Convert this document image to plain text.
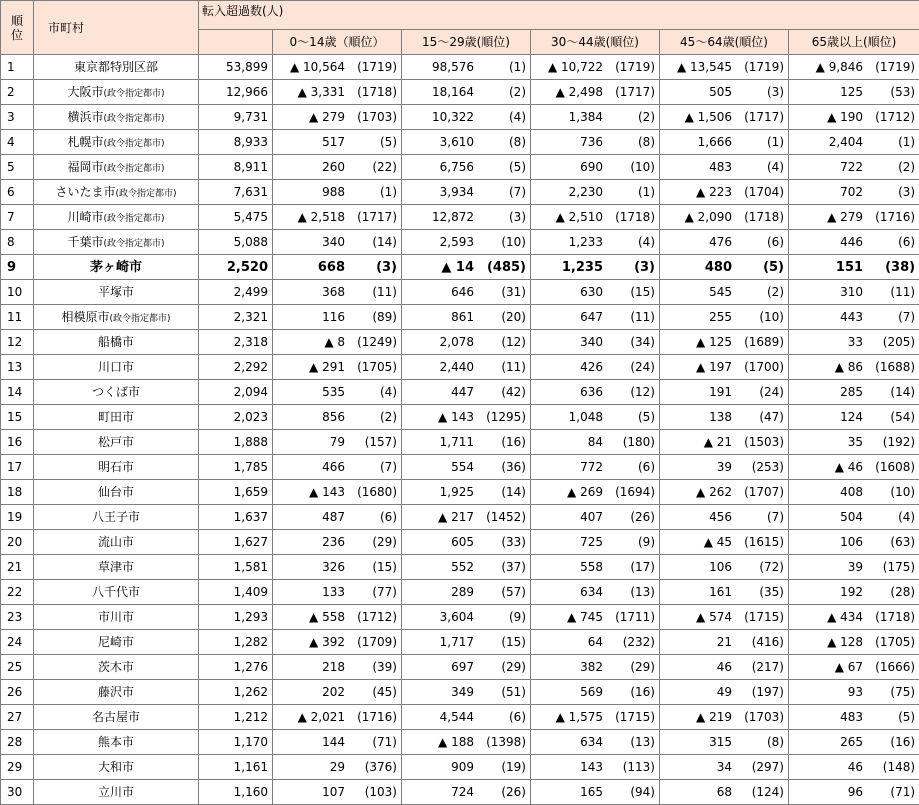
順位	市町村	転入超過数(人)					
			0～14歳（順位）	15～29歳(順位)	30～44歳(順位)	45～64歳(順位)	65歳以上(順位)
1	東京都特別区部	53,899	▲ 10,564 (1719)	98,576 (1)	▲ 10,722 (1719)	▲ 13,545 (1719)	▲ 9,846 (1719)

2	大阪市(政令指定都市)	12,966	▲ 3,331 (1718)	18,164 (2)	▲ 2,498 (1717)	505 (3)	125 (53)

3	横浜市(政令指定都市)	9,731	▲ 279 (1703)	10,322 (4)	1,384 (2)	▲ 1,506 (1717)	▲ 190 (1712)

4	札幌市(政令指定都市)	8,933	517 (5)	3,610 (8)	736 (8)	1,666 (1)	2,404 (1)

5	福岡市(政令指定都市)	8,911	260 (22)	6,756 (5)	690 (10)	483 (4)	722 (2)

6	さいたま市(政令指定都市)	7,631	988 (1)	3,934 (7)	2,230 (1)	▲ 223 (1704)	702 (3)

7	川崎市(政令指定都市)	5,475	▲ 2,518 (1717)	12,872 (3)	▲ 2,510 (1718)	▲ 2,090 (1718)	▲ 279 (1716)

8	千葉市(政令指定都市)	5,088	340 (14)	2,593 (10)	1,233 (4)	476 (6)	446 (6)

9	茅ヶ崎市	2,520	668 (3)	▲ 14 (485)	1,235 (3)	480 (5)	151 (38)

10	平塚市	2,499	368 (11)	646 (31)	630 (15)	545 (2)	310 (11)

11	相模原市(政令指定都市)	2,321	116 (89)	861 (20)	647 (11)	255 (10)	443 (7)

12	船橋市	2,318	▲ 8 (1249)	2,078 (12)	340 (34)	▲ 125 (1689)	33 (205)

13	川口市	2,292	▲ 291 (1705)	2,440 (11)	426 (24)	▲ 197 (1700)	▲ 86 (1688)

14	つくば市	2,094	535 (4)	447 (42)	636 (12)	191 (24)	285 (14)

15	町田市	2,023	856 (2)	▲ 143 (1295)	1,048 (5)	138 (47)	124 (54)

16	松戸市	1,888	79 (157)	1,711 (16)	84 (180)	▲ 21 (1503)	35 (192)

17	明石市	1,785	466 (7)	554 (36)	772 (6)	39 (253)	▲ 46 (1608)

18	仙台市	1,659	▲ 143 (1680)	1,925 (14)	▲ 269 (1694)	▲ 262 (1707)	408 (10)

19	八王子市	1,637	487 (6)	▲ 217 (1452)	407 (26)	456 (7)	504 (4)

20	流山市	1,627	236 (29)	605 (33)	725 (9)	▲ 45 (1615)	106 (63)

21	草津市	1,581	326 (15)	552 (37)	558 (17)	106 (72)	39 (175)

22	八千代市	1,409	133 (77)	289 (57)	634 (13)	161 (35)	192 (28)

23	市川市	1,293	▲ 558 (1712)	3,604 (9)	▲ 745 (1711)	▲ 574 (1715)	▲ 434 (1718)

24	尼崎市	1,282	▲ 392 (1709)	1,717 (15)	64 (232)	21 (416)	▲ 128 (1705)

25	茨木市	1,276	218 (39)	697 (29)	382 (29)	46 (217)	▲ 67 (1666)

26	藤沢市	1,262	202 (45)	349 (51)	569 (16)	49 (197)	93 (75)

27	名古屋市	1,212	▲ 2,021 (1716)	4,544 (6)	▲ 1,575 (1715)	▲ 219 (1703)	483 (5)

28	熊本市	1,170	144 (71)	▲ 188 (1398)	634 (13)	315 (8)	265 (16)

29	大和市	1,161	29 (376)	909 (19)	143 (113)	34 (297)	46 (148)

30	立川市	1,160	107 (103)	724 (26)	165 (94)	68 (124)	96 (71)
